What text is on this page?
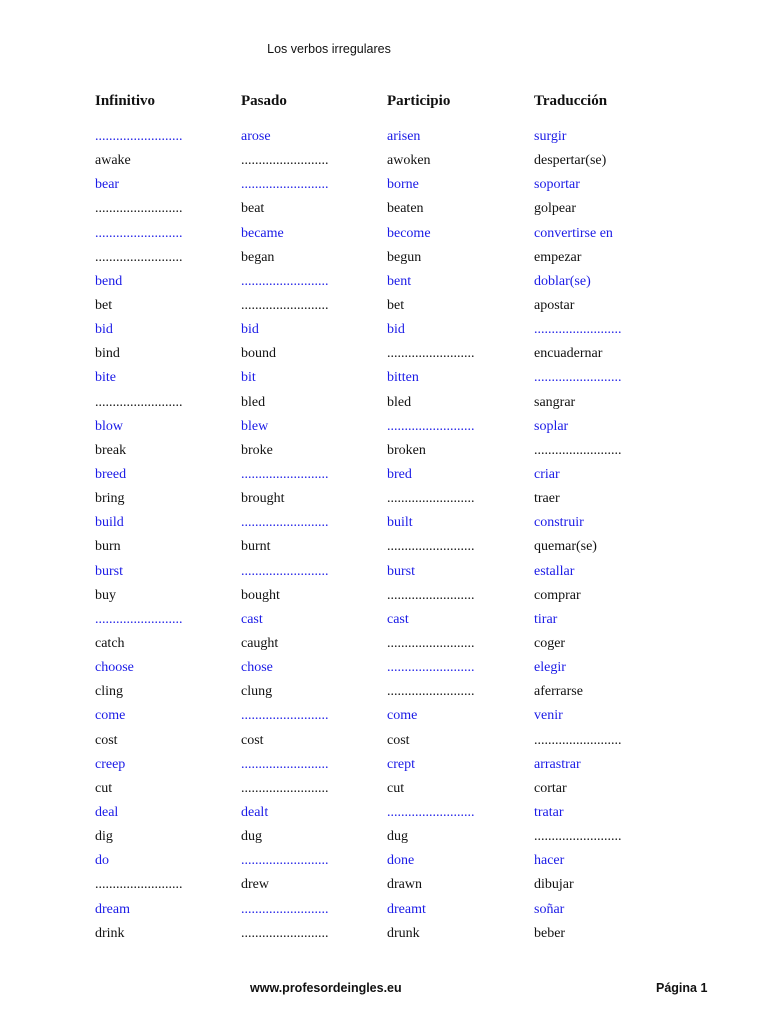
Los verbos irregulares
Infinitivo	Pasado	Participio	Traducción
.........................	arose	arisen	surgir
awake	.........................	awoken	despertar(se)
bear	.........................	borne	soportar
.........................	beat	beaten	golpear
.........................	became	become	convertirse en
.........................	began	begun	empezar
bend	.........................	bent	doblar(se)
bet	.........................	bet	apostar
bid	bid	bid	.........................
bind	bound	.........................	encuadernar
bite	bit	bitten	.........................
.........................	bled	bled	sangrar
blow	blew	.........................	soplar
break	broke	broken	.........................
breed	.........................	bred	criar
bring	brought	.........................	traer
build	.........................	built	construir
burn	burnt	.........................	quemar(se)
burst	.........................	burst	estallar
buy	bought	.........................	comprar
.........................	cast	cast	tirar
catch	caught	.........................	coger
choose	chose	.........................	elegir
cling	clung	.........................	aferrarse
come	.........................	come	venir
cost	cost	cost	.........................
creep	.........................	crept	arrastrar
cut	.........................	cut	cortar
deal	dealt	.........................	tratar
dig	dug	dug	.........................
do	.........................	done	hacer
.........................	drew	drawn	dibujar
dream	.........................	dreamt	soñar
drink	.........................	drunk	beber
www.profesordeingles.eu	Página 1
